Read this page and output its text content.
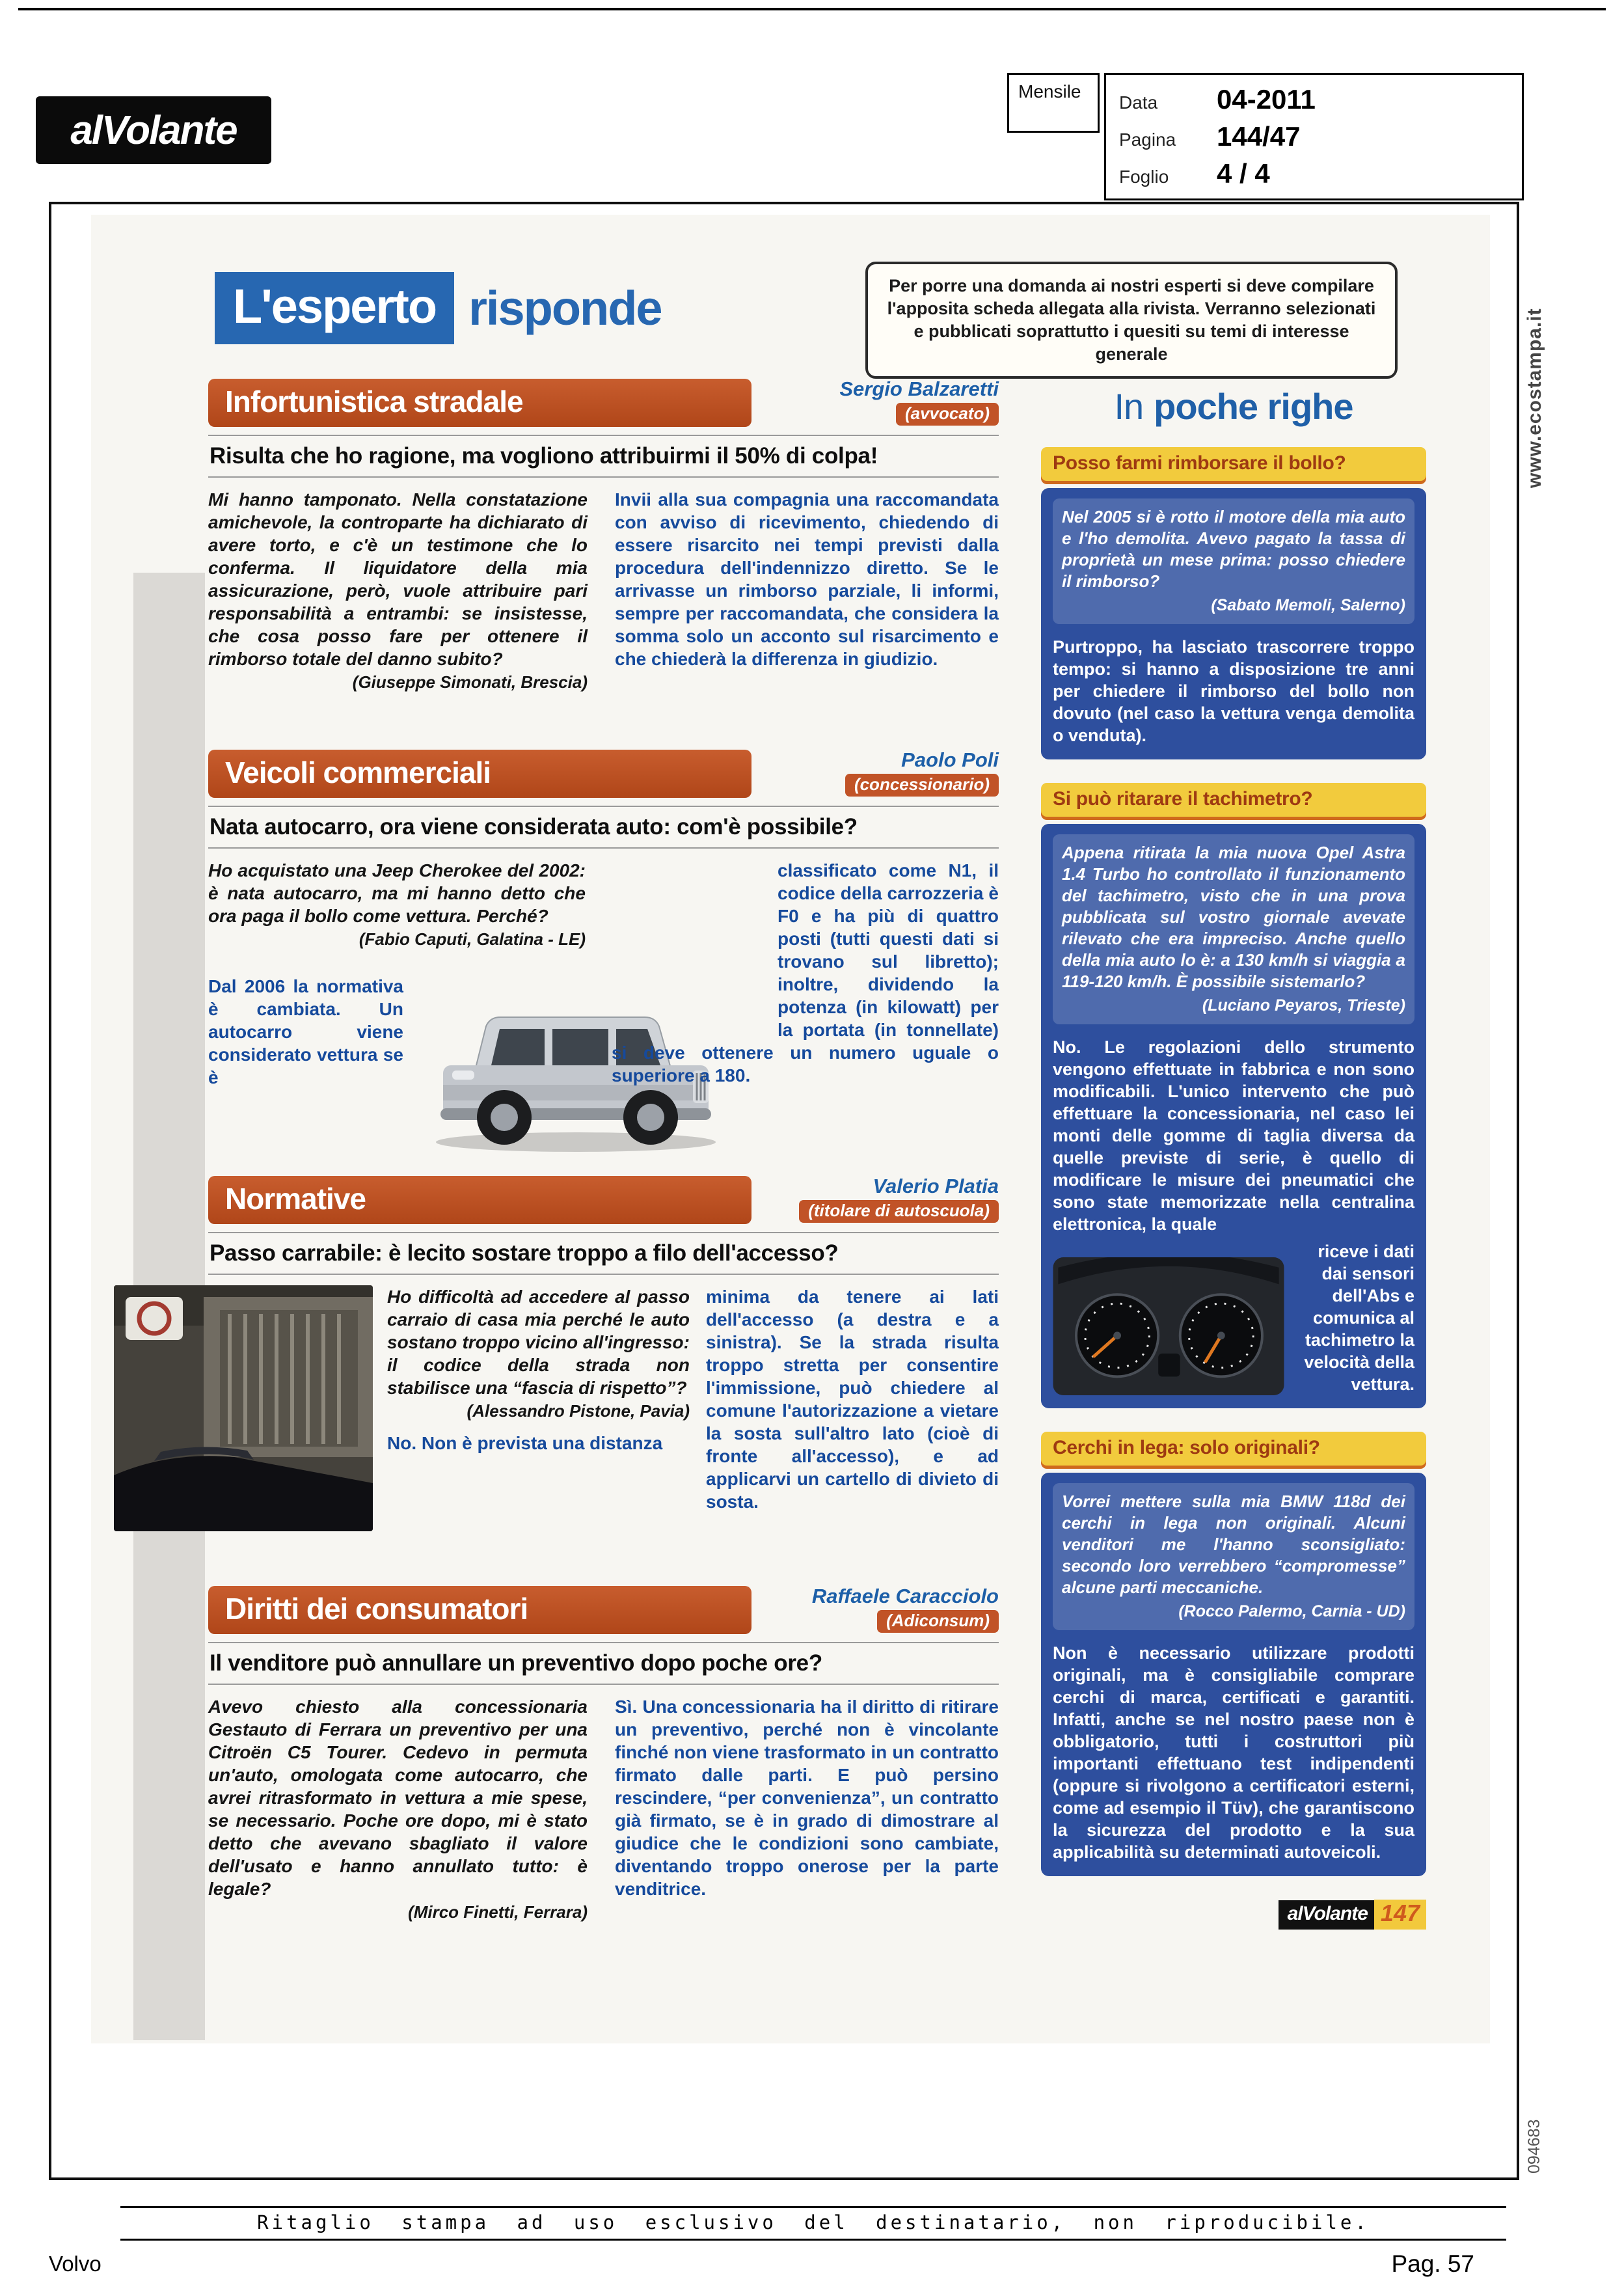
alVolante
Mensile
Data	04-2011
Pagina	144/47
Foglio	4 / 4
www.ecostampa.it
094683
L'esperto risponde	Per porre una domanda ai nostri esperti si deve compilare l'apposita scheda allegata alla rivista. Verranno selezionati e pubblicati soprattutto i quesiti su temi di interesse generale
Infortunistica stradale	Sergio Balzaretti
(avvocato)
Risulta che ho ragione, ma vogliono attribuirmi il 50% di colpa!

Mi hanno tamponato. Nella constatazione amichevole, la controparte ha dichiarato di avere torto, e c'è un testimone che lo conferma. Il liquidatore della mia assicurazione, però, vuole attribuire pari responsabilità a entrambi: se insistesse, che cosa posso fare per ottenere il rimborso totale del danno subito?

(Giuseppe Simonati, Brescia)

Invii alla sua compagnia una raccomandata con avviso di ricevimento, chiedendo di essere risarcito nei tempi previsti dalla procedura dell'indennizzo diretto. Se le arrivasse un rimborso parziale, li informi, sempre per raccomandata, che considera la somma solo un acconto sul risarcimento e che chiederà la differenza in giudizio.

Veicoli commerciali	Paolo Poli
(concessionario)
Nata autocarro, ora viene considerata auto: com'è possibile?

Ho acquistato una Jeep Cherokee del 2002: è nata autocarro, ma mi hanno detto che ora paga il bollo come vettura. Perché?

(Fabio Caputi, Galatina - LE)

Dal 2006 la normativa è cambiata. Un autocarro viene considerato vettura se è

classificato come N1, il codice della carrozzeria è F0 e ha più di quattro posti (tutti questi dati si trovano sul libretto); inoltre, dividendo la potenza (in kilowatt) per la portata (in tonnellate) si deve ottenere un numero uguale o superiore a 180.

Normative	Valerio Platia
(titolare di autoscuola)
Passo carrabile: è lecito sostare troppo a filo dell'accesso?

Ho difficoltà ad accedere al passo carraio di casa mia perché le auto sostano troppo vicino all'ingresso: il codice della strada non stabilisce una “fascia di rispetto”?

(Alessandro Pistone, Pavia)

No. Non è prevista una distanza

minima da tenere ai lati dell'accesso (a destra e a sinistra). Se la strada risulta troppo stretta per consentire l'immissione, può chiedere al comune l'autorizzazione a vietare la sosta sull'altro lato (cioè di fronte all'accesso), e ad applicarvi un cartello di divieto di sosta.

Diritti dei consumatori	Raffaele Caracciolo
(Adiconsum)
Il venditore può annullare un preventivo dopo poche ore?

Avevo chiesto alla concessionaria Gestauto di Ferrara un preventivo per una Citroën C5 Tourer. Cedevo in permuta un'auto, omologata come autocarro, che avrei ritrasformato in vettura a mie spese, se necessario. Poche ore dopo, mi è stato detto che avevano sbagliato il valore dell'usato e hanno annullato tutto: è legale?

(Mirco Finetti, Ferrara)

Sì. Una concessionaria ha il diritto di ritirare un preventivo, perché non è vincolante finché non viene trasformato in un contratto firmato dalle parti. E può persino rescindere, “per convenienza”, un contratto già firmato, se è in grado di dimostrare al giudice che le condizioni sono cambiate, diventando troppo onerose per la parte venditrice.

In poche righe
Posso farmi rimborsare il bollo?
Nel 2005 si è rotto il motore della mia auto e l'ho demolita. Avevo pagato la tassa di proprietà un mese prima: posso chiedere il rimborso?
(Sabato Memoli, Salerno)

Purtroppo, ha lasciato trascorrere troppo tempo: si hanno a disposizione tre anni per chiedere il rimborso del bollo non dovuto (nel caso la vettura venga demolita o venduta).

Si può ritarare il tachimetro?
Appena ritirata la mia nuova Opel Astra 1.4 Turbo ho controllato il funzionamento del tachimetro, visto che in una prova pubblicata sul vostro giornale avevate rilevato che era impreciso. Anche quello della mia auto lo è: a 130 km/h si viaggia a 119-120 km/h. È possibile sistemarlo?
(Luciano Peyaros, Trieste)

No. Le regolazioni dello strumento vengono effettuate in fabbrica e non sono modificabili. L'unico intervento che può effettuare la concessionaria, nel caso lei monti delle gomme di taglia diversa da quelle previste di serie, è quello di modificare le misure dei pneumatici che sono state memorizzate nella centralina elettronica, la quale

riceve i dati dai sensori dell'Abs e comunica al tachimetro la velocità della vettura.
Cerchi in lega: solo originali?
Vorrei mettere sulla mia BMW 118d dei cerchi in lega non originali. Alcuni venditori me l'hanno sconsigliato: secondo loro verrebbero “compromesse” alcune parti meccaniche.
(Rocco Palermo, Carnia - UD)

Non è necessario utilizzare prodotti originali, ma è consigliabile comprare cerchi di marca, certificati e garantiti. Infatti, anche se nel nostro paese non è obbligatorio, tutti i costruttori più importanti effettuano test indipendenti (oppure si rivolgono a certificatori esterni, come ad esempio il Tüv), che garantiscono la sicurezza del prodotto e la sua applicabilità su determinati autoveicoli.

alVolante 147
Ritaglio stampa ad uso esclusivo del destinatario, non riproducibile.
Volvo	Pag. 57
